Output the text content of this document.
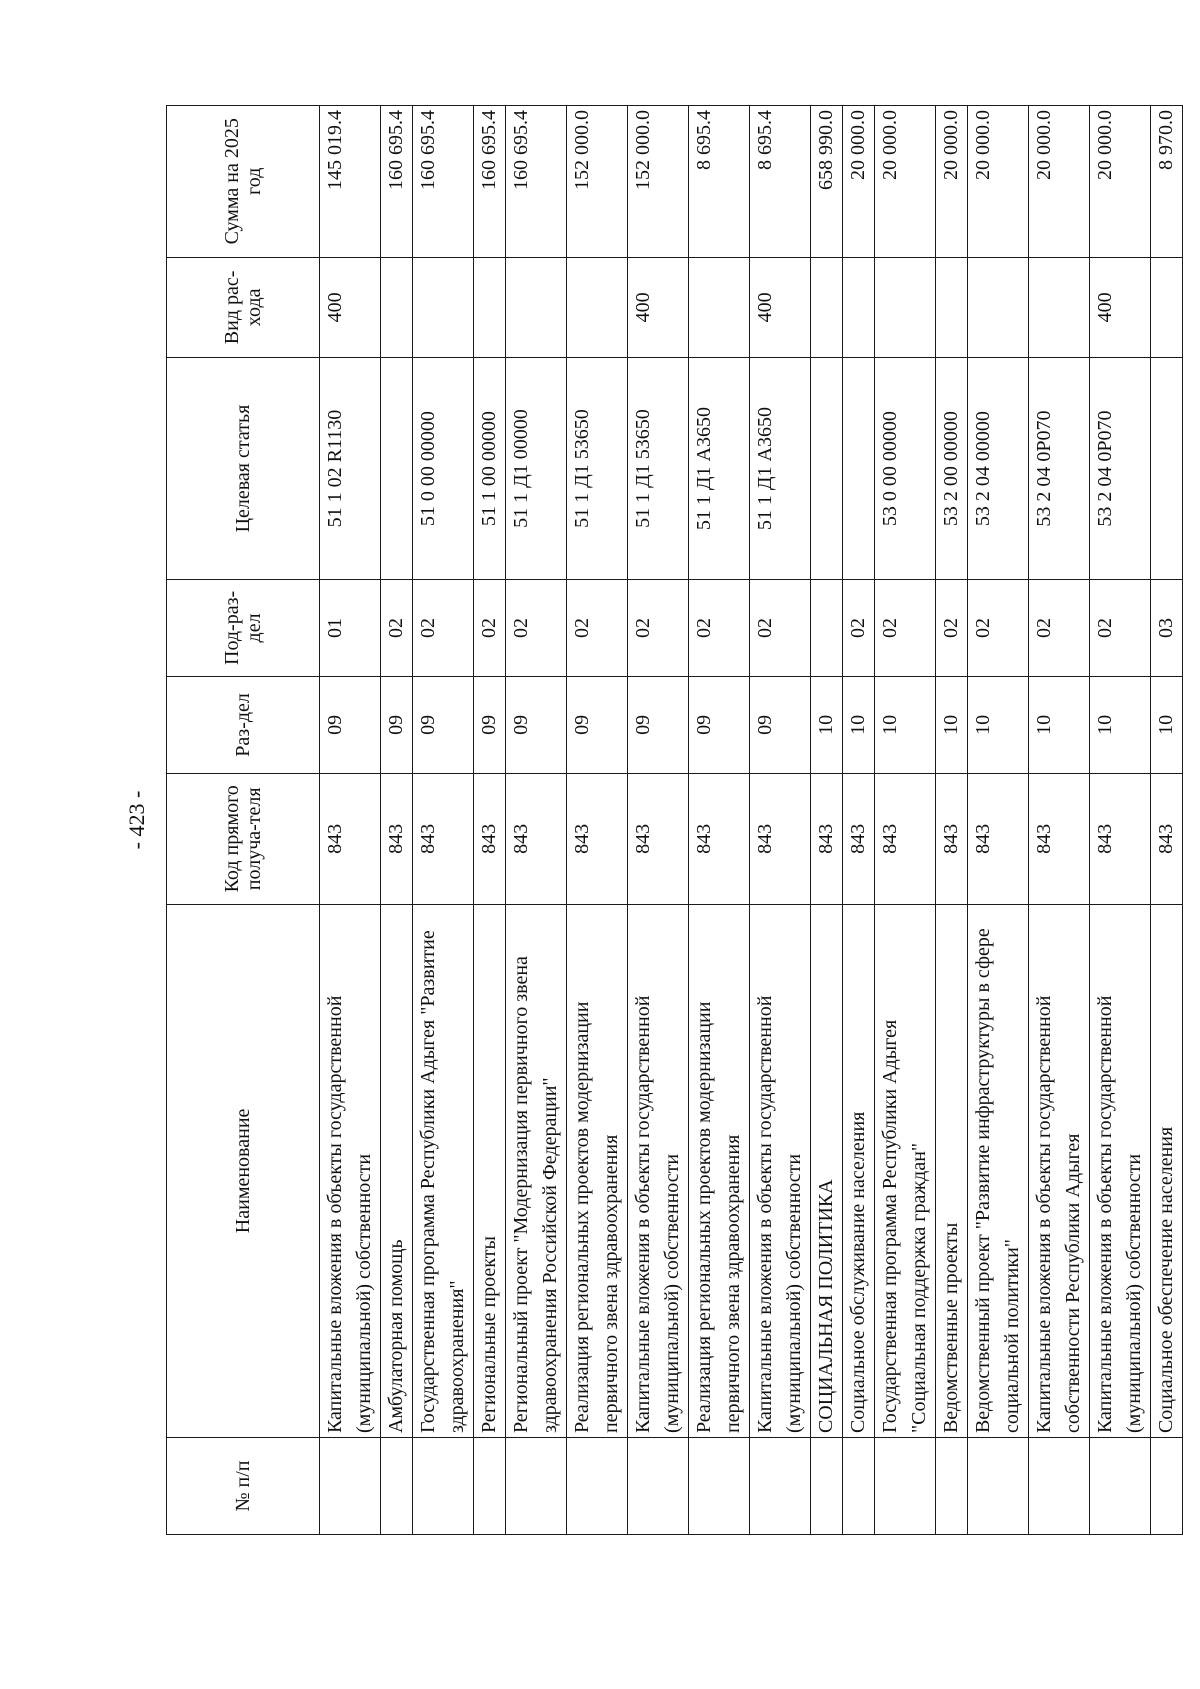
- 423 -
№ п/п	Наименование	Код прямого получа-теля	Раз-дел	Под-раз-дел	Целевая статья	Вид рас-хода	Сумма на 2025 год
	Капитальные вложения в объекты государственной (муниципальной) собственности	843	09	01	51 1 02 R1130	400	145 019.4
	Амбулаторная помощь	843	09	02			160 695.4
	Государственная программа Республики Адыгея "Развитие здравоохранения"	843	09	02	51 0 00 00000		160 695.4
	Региональные проекты	843	09	02	51 1 00 00000		160 695.4
	Региональный проект "Модернизация первичного звена здравоохранения Российской Федерации"	843	09	02	51 1 Д1 00000		160 695.4
	Реализация региональных проектов модернизации первичного звена здравоохранения	843	09	02	51 1 Д1 53650		152 000.0
	Капитальные вложения в объекты государственной (муниципальной) собственности	843	09	02	51 1 Д1 53650	400	152 000.0
	Реализация региональных проектов модернизации первичного звена здравоохранения	843	09	02	51 1 Д1 А3650		8 695.4
	Капитальные вложения в объекты государственной (муниципальной) собственности	843	09	02	51 1 Д1 А3650	400	8 695.4
	СОЦИАЛЬНАЯ ПОЛИТИКА	843	10				658 990.0
	Социальное обслуживание населения	843	10	02			20 000.0
	Государственная программа Республики Адыгея "Социальная поддержка граждан"	843	10	02	53 0 00 00000		20 000.0
	Ведомственные проекты	843	10	02	53 2 00 00000		20 000.0
	Ведомственный проект "Развитие инфраструктуры в сфере социальной политики"	843	10	02	53 2 04 00000		20 000.0
	Капитальные вложения в объекты государственной собственности Республики Адыгея	843	10	02	53 2 04 0Р070		20 000.0
	Капитальные вложения в объекты государственной (муниципальной) собственности	843	10	02	53 2 04 0Р070	400	20 000.0
	Социальное обеспечение населения	843	10	03			8 970.0
